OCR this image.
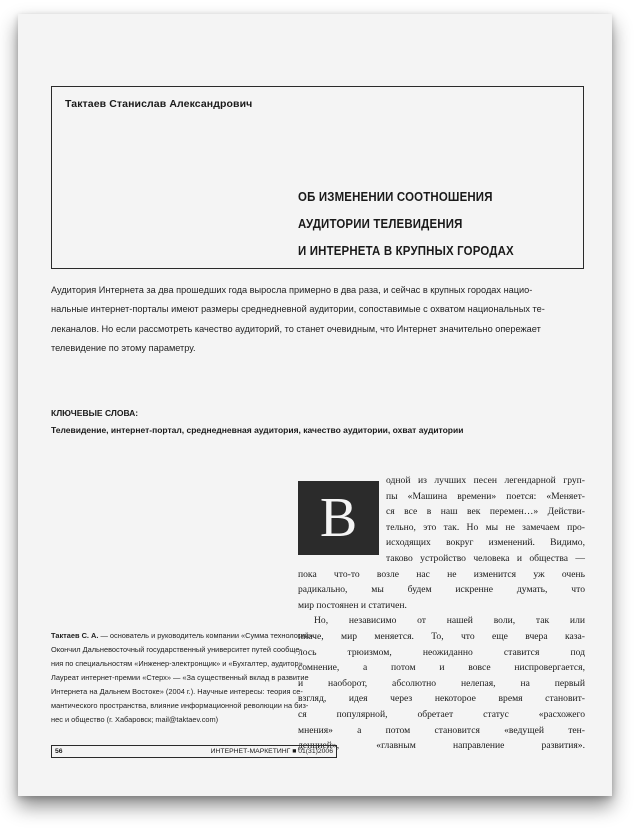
Тактаев Станислав Александрович
ОБ ИЗМЕНЕНИИ СООТНОШЕНИЯ
АУДИТОРИИ ТЕЛЕВИДЕНИЯ
И ИНТЕРНЕТА В КРУПНЫХ ГОРОДАХ
Аудитория Интернета за два прошедших года выросла примерно в два раза, и сейчас в крупных городах нацио-
нальные интернет-порталы имеют размеры среднедневной аудитории, сопоставимые с охватом национальных те-
леканалов. Но если рассмотреть качество аудиторий, то станет очевидным, что Интернет значительно опережает
телевидение по этому параметру.
КЛЮЧЕВЫЕ СЛОВА:
Телевидение, интернет-портал, среднедневная аудитория, качество аудитории, охват аудитории
одной из лучших песен легендарной груп-
пы «Машина времени» поется: «Меняет-
ся все в наш век перемен…» Действи-
тельно, это так. Но мы не замечаем про-
исходящих вокруг изменений. Видимо,
таково устройство человека и общества —
пока что-то возле нас не изменится уж очень
радикально, мы будем искренне думать, что
мир постоянен и статичен.
Но, независимо от нашей воли, так или
иначе, мир меняется. То, что еще вчера каза-
лось трюизмом, неожиданно ставится под
сомнение, а потом и вовсе ниспровергается,
и наоборот, абсолютно нелепая, на первый
взгляд, идея через некоторое время становит-
ся популярной, обретает статус «расхожего
мнения» а потом становится «ведущей тен-
денцией», «главным направление развития».
В
Тактаев С. А. — основатель и руководитель компании «Сумма технологий».
Окончил Дальневосточный государственный университет путей сообще-
ния по специальностям «Инженер-электронщик» и «Бухгалтер, аудитор».
Лауреат интернет-премии «Стерх» — «За существенный вклад в развитие
Интернета на Дальнем Востоке» (2004 г.). Научные интересы: теория се-
мантического пространства, влияние информационной революции на биз-
нес и общество (г. Хабаровск; mail@taktaev.com)
56	ИНТЕРНЕТ-МАРКЕТИНГ ■ 01(31)2006
